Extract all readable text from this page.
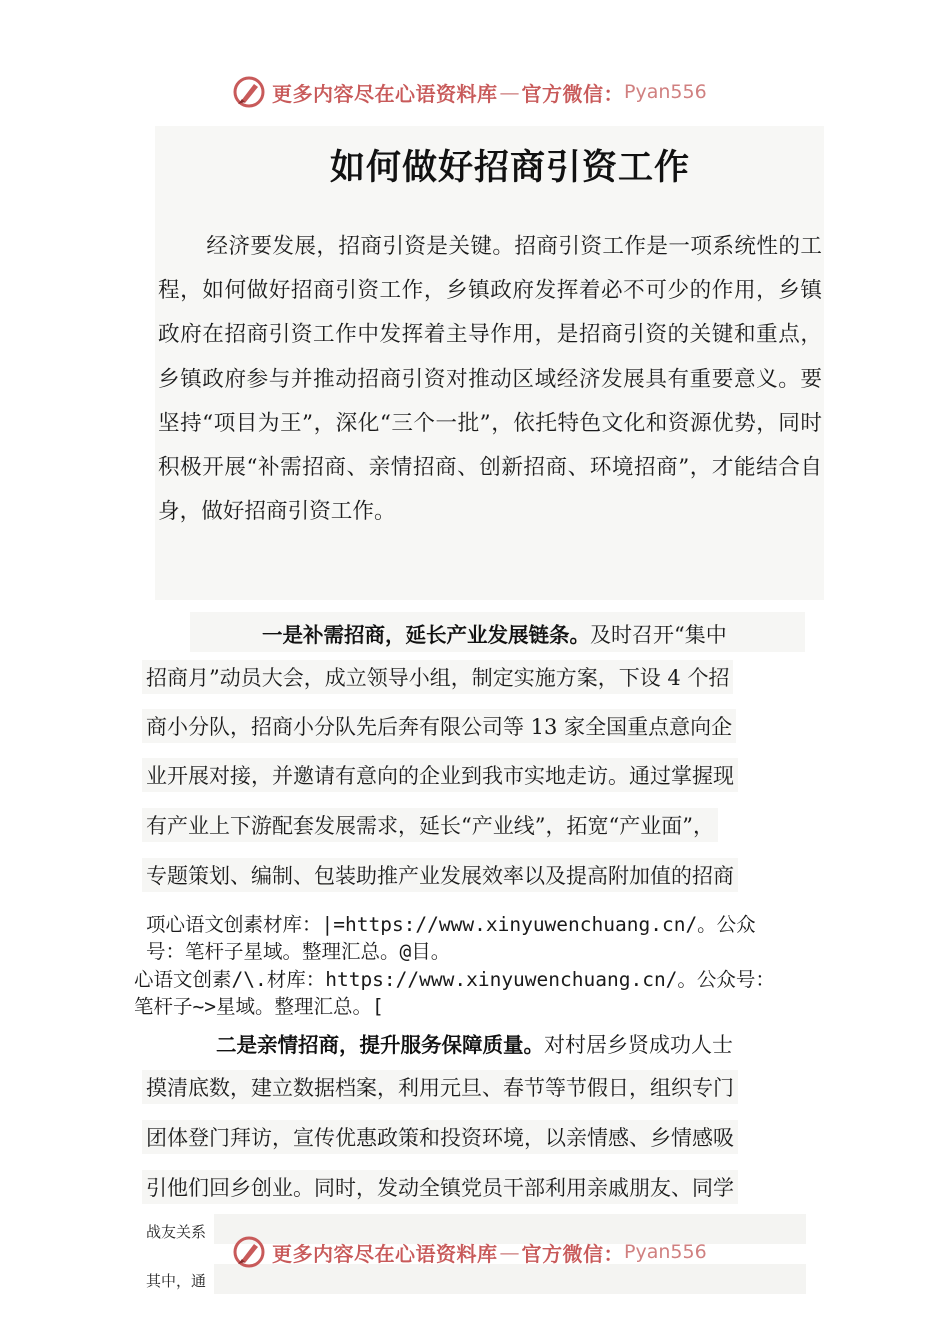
更多内容尽在心语资料库 — 官方微信： Pyan556
如何做好招商引资工作
经济要发展，招商引资是关键。招商引资工作是一项系统性的工程，如何做好招商引资工作，乡镇政府发挥着必不可少的作用，乡镇政府在招商引资工作中发挥着主导作用，是招商引资的关键和重点，乡镇政府参与并推动招商引资对推动区域经济发展具有重要意义。要坚持“项目为王”，深化“三个一批”，依托特色文化和资源优势，同时积极开展“补需招商、亲情招商、创新招商、环境招商”，才能结合自身，做好招商引资工作。
一是补需招商，延长产业发展链条。及时召开“集中
招商月”动员大会，成立领导小组，制定实施方案，下设 4 个招
商小分队，招商小分队先后奔有限公司等 13 家全国重点意向企
业开展对接，并邀请有意向的企业到我市实地走访。通过掌握现
有产业上下游配套发展需求，延长“产业线”，拓宽“产业面”，
专题策划、编制、包装助推产业发展效率以及提高附加值的招商
项心语文创素材库：|=https://www.xinyuwenchuang.cn/。公众
号：笔杆子星域。整理汇总。@目。
心语文创素/\.材库：https://www.xinyuwenchuang.cn/。公众号：
笔杆子~>星域。整理汇总。[
二是亲情招商，提升服务保障质量。对村居乡贤成功人士
摸清底数，建立数据档案，利用元旦、春节等节假日，组织专门
团体登门拜访，宣传优惠政策和投资环境，以亲情感、乡情感吸
引他们回乡创业。同时，发动全镇党员干部利用亲戚朋友、同学
战友关系
其中，通
更多内容尽在心语资料库 — 官方微信： Pyan556
